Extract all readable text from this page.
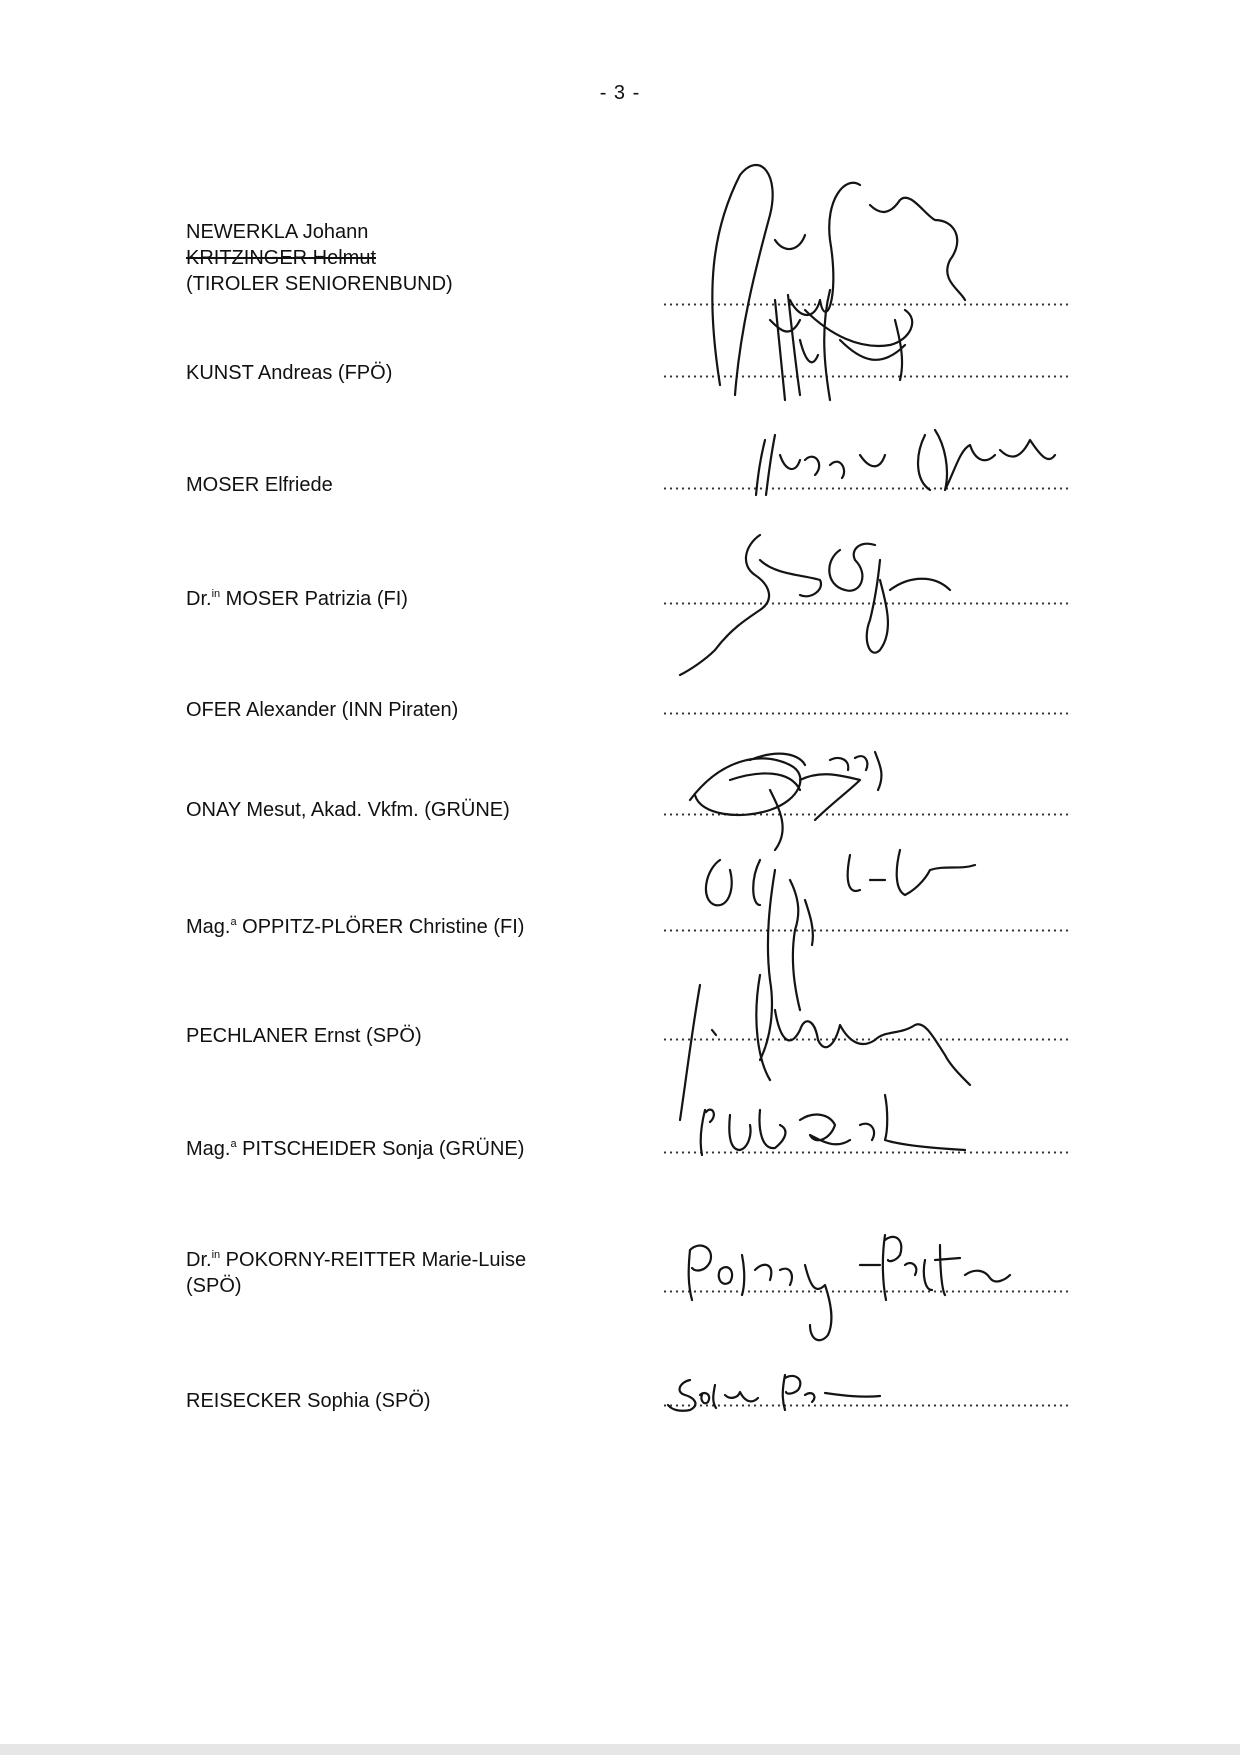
- 3 -
NEWERKLA Johann
KRITZINGER Helmut
(TIROLER SENIORENBUND)
KUNST Andreas (FPÖ)
MOSER Elfriede
Dr.$^{in}$ MOSER Patrizia (FI)
OFER Alexander (INN Piraten)
ONAY Mesut, Akad. Vkfm. (GRÜNE)
Mag.$^a$ OPPITZ-PLÖRER Christine (FI)
PECHLANER Ernst (SPÖ)
Mag.$^a$ PITSCHEIDER Sonja (GRÜNE)
Dr.$^{in}$ POKORNY-REITTER Marie-Luise
(SPÖ)
REISECKER Sophia (SPÖ)
